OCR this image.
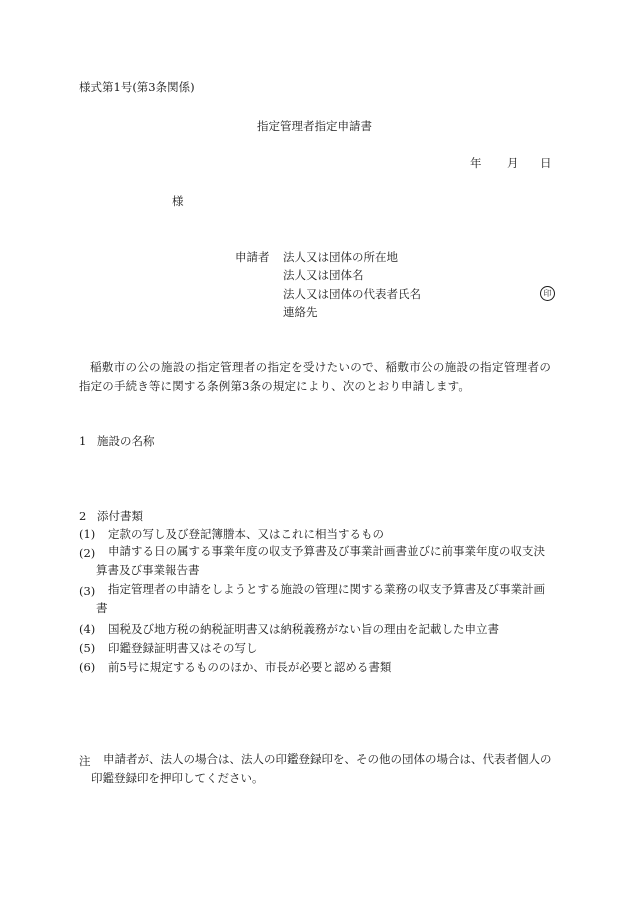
様式第1号(第3条関係)
指定管理者指定申請書
年 月 日
様
申請者 法人又は団体の所在地
法人又は団体名
法人又は団体の代表者氏名	印
連絡先
稲敷市の公の施設の指定管理者の指定を受けたいので、稲敷市公の施設の指定管理者の指定の手続き等に関する条例第3条の規定により、次のとおり申請します。
1 施設の名称
2 添付書類
(1) 定款の写し及び登記簿謄本、又はこれに相当するもの
(2)	申請する日の属する事業年度の収支予算書及び事業計画書並びに前事業年度の収支決算書及び事業報告書
(3)	指定管理者の申請をしようとする施設の管理に関する業務の収支予算書及び事業計画書
(4) 国税及び地方税の納税証明書又は納税義務がない旨の理由を記載した申立書
(5) 印鑑登録証明書又はその写し
(6) 前5号に規定するもののほか、市長が必要と認める書類
注	申請者が、法人の場合は、法人の印鑑登録印を、その他の団体の場合は、代表者個人の印鑑登録印を押印してください。
